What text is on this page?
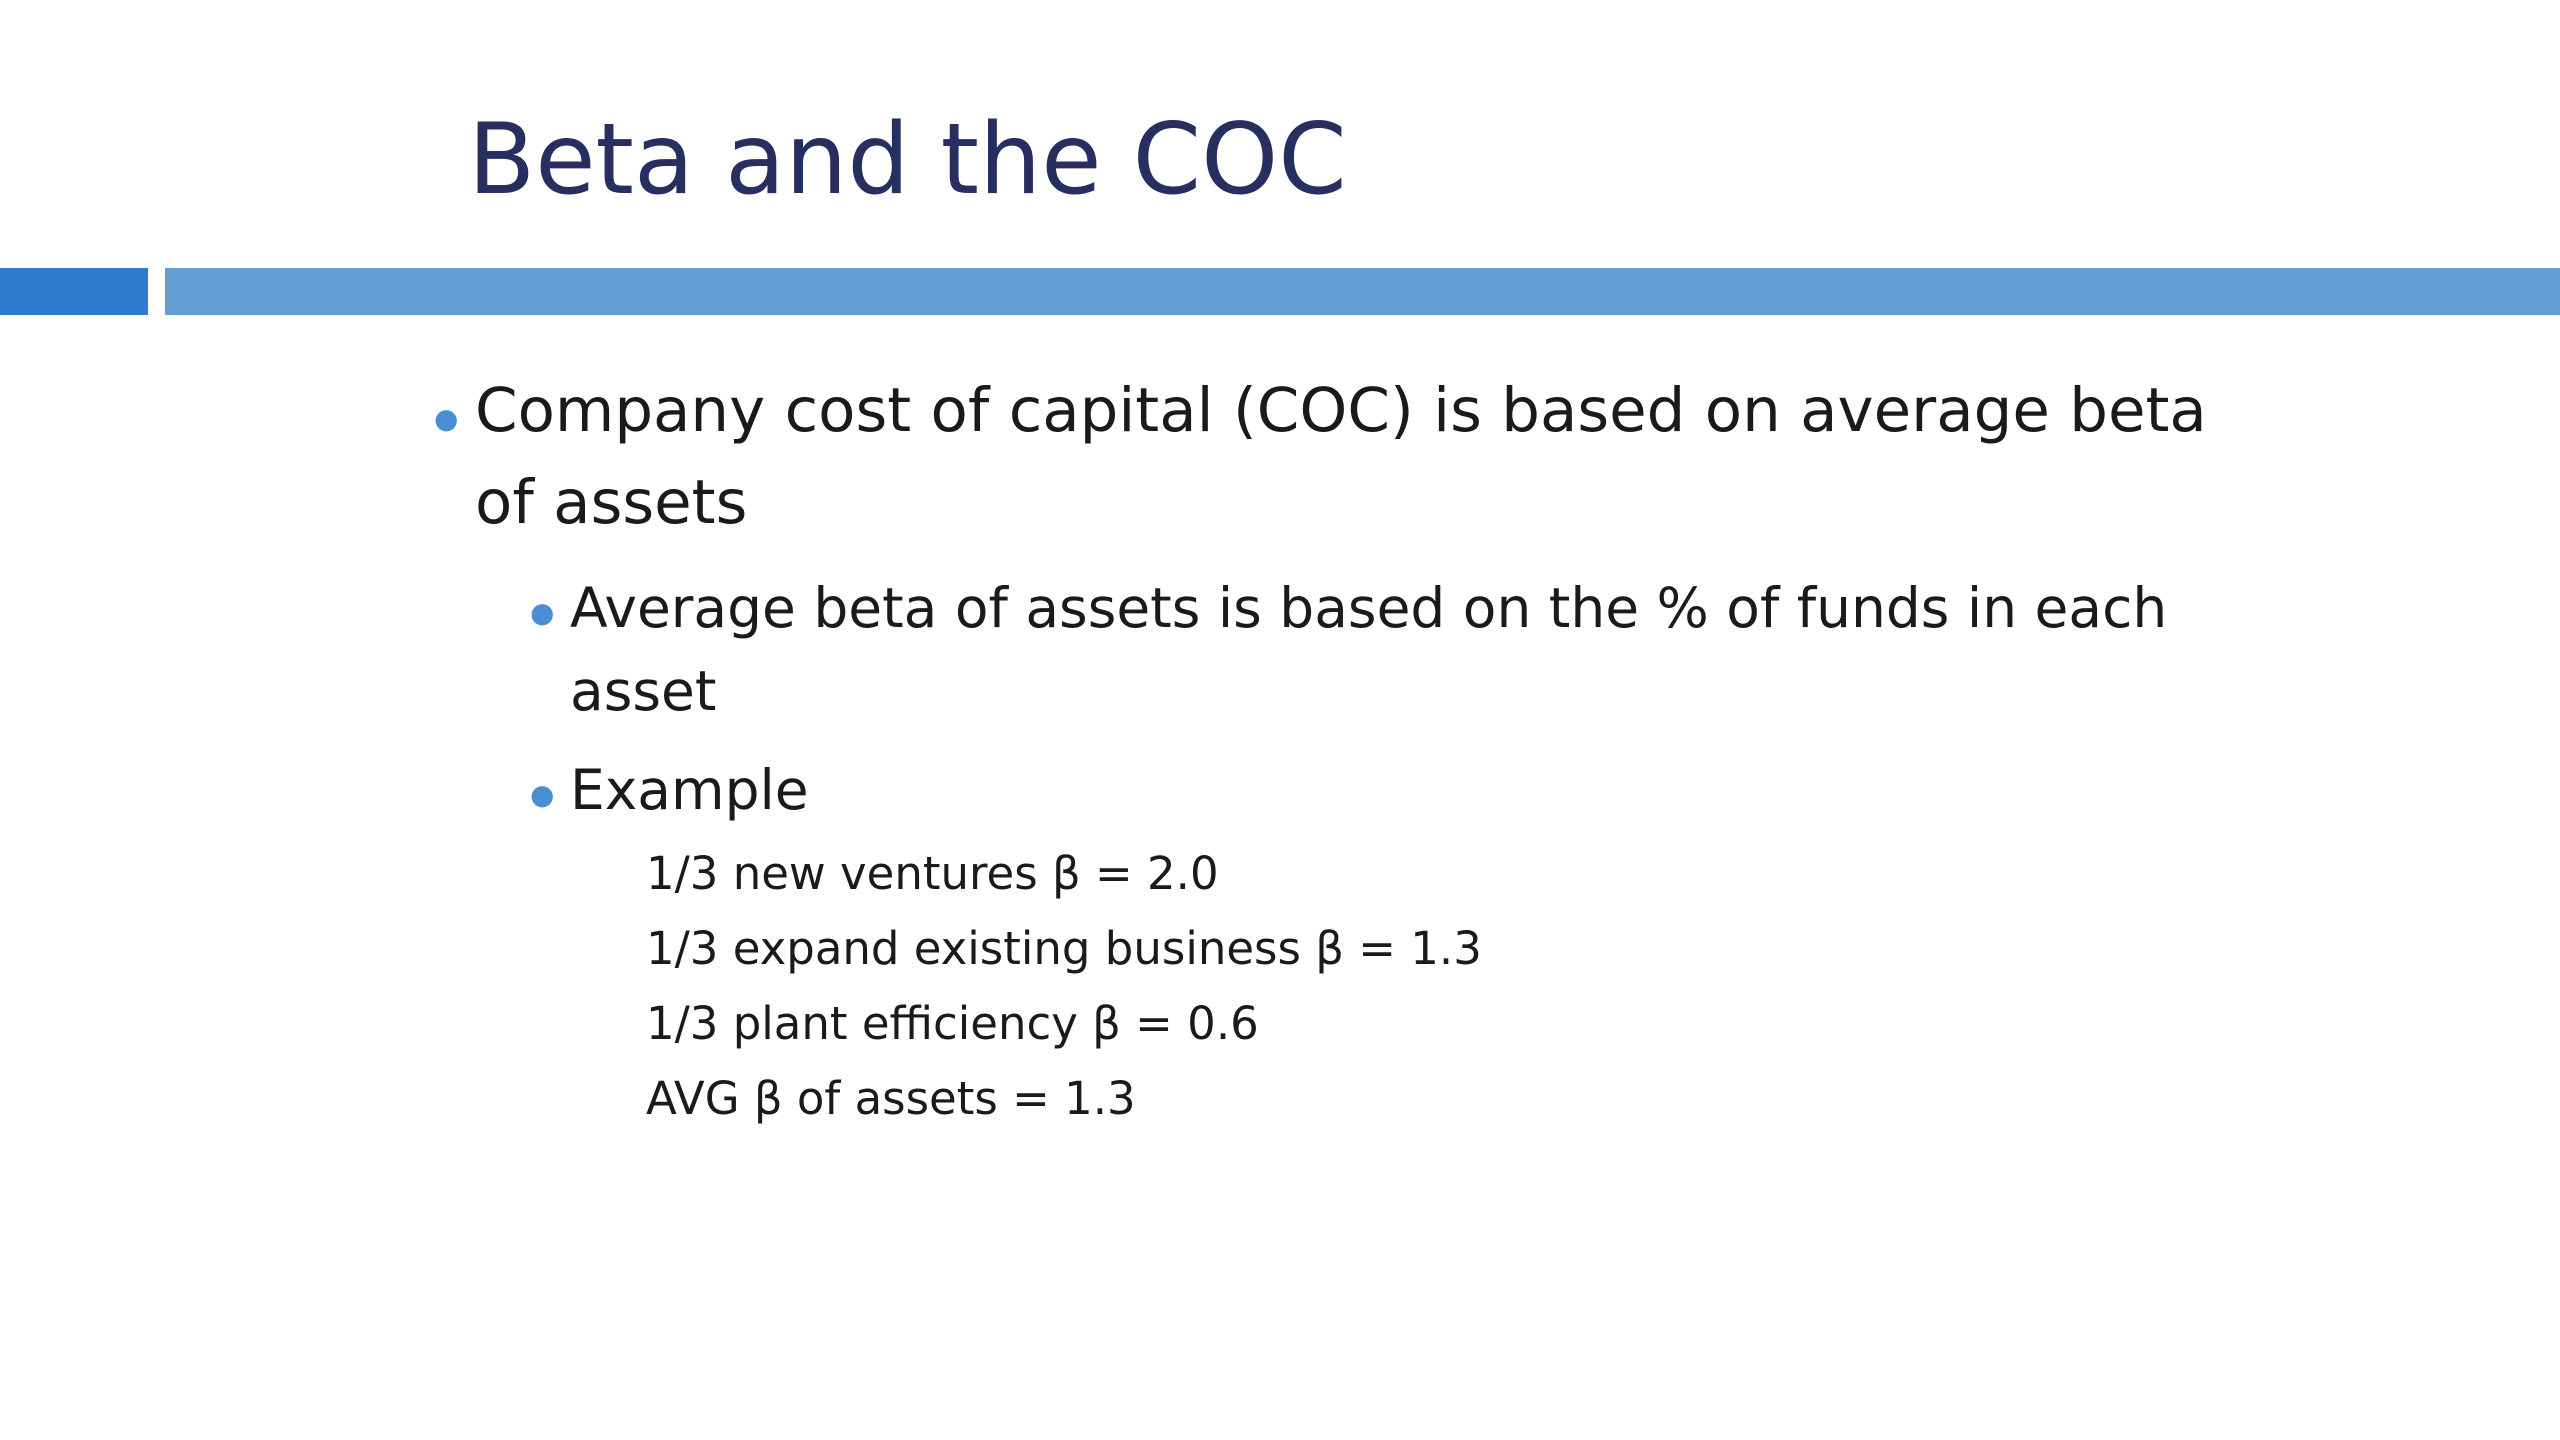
Beta and the COC
● Company cost of capital (COC) is based on average beta of assets
● Average beta of assets is based on the % of funds in each asset
● Example
1/3 new ventures β = 2.0
1/3 expand existing business β = 1.3
1/3 plant efficiency β = 0.6
AVG β of assets = 1.3
